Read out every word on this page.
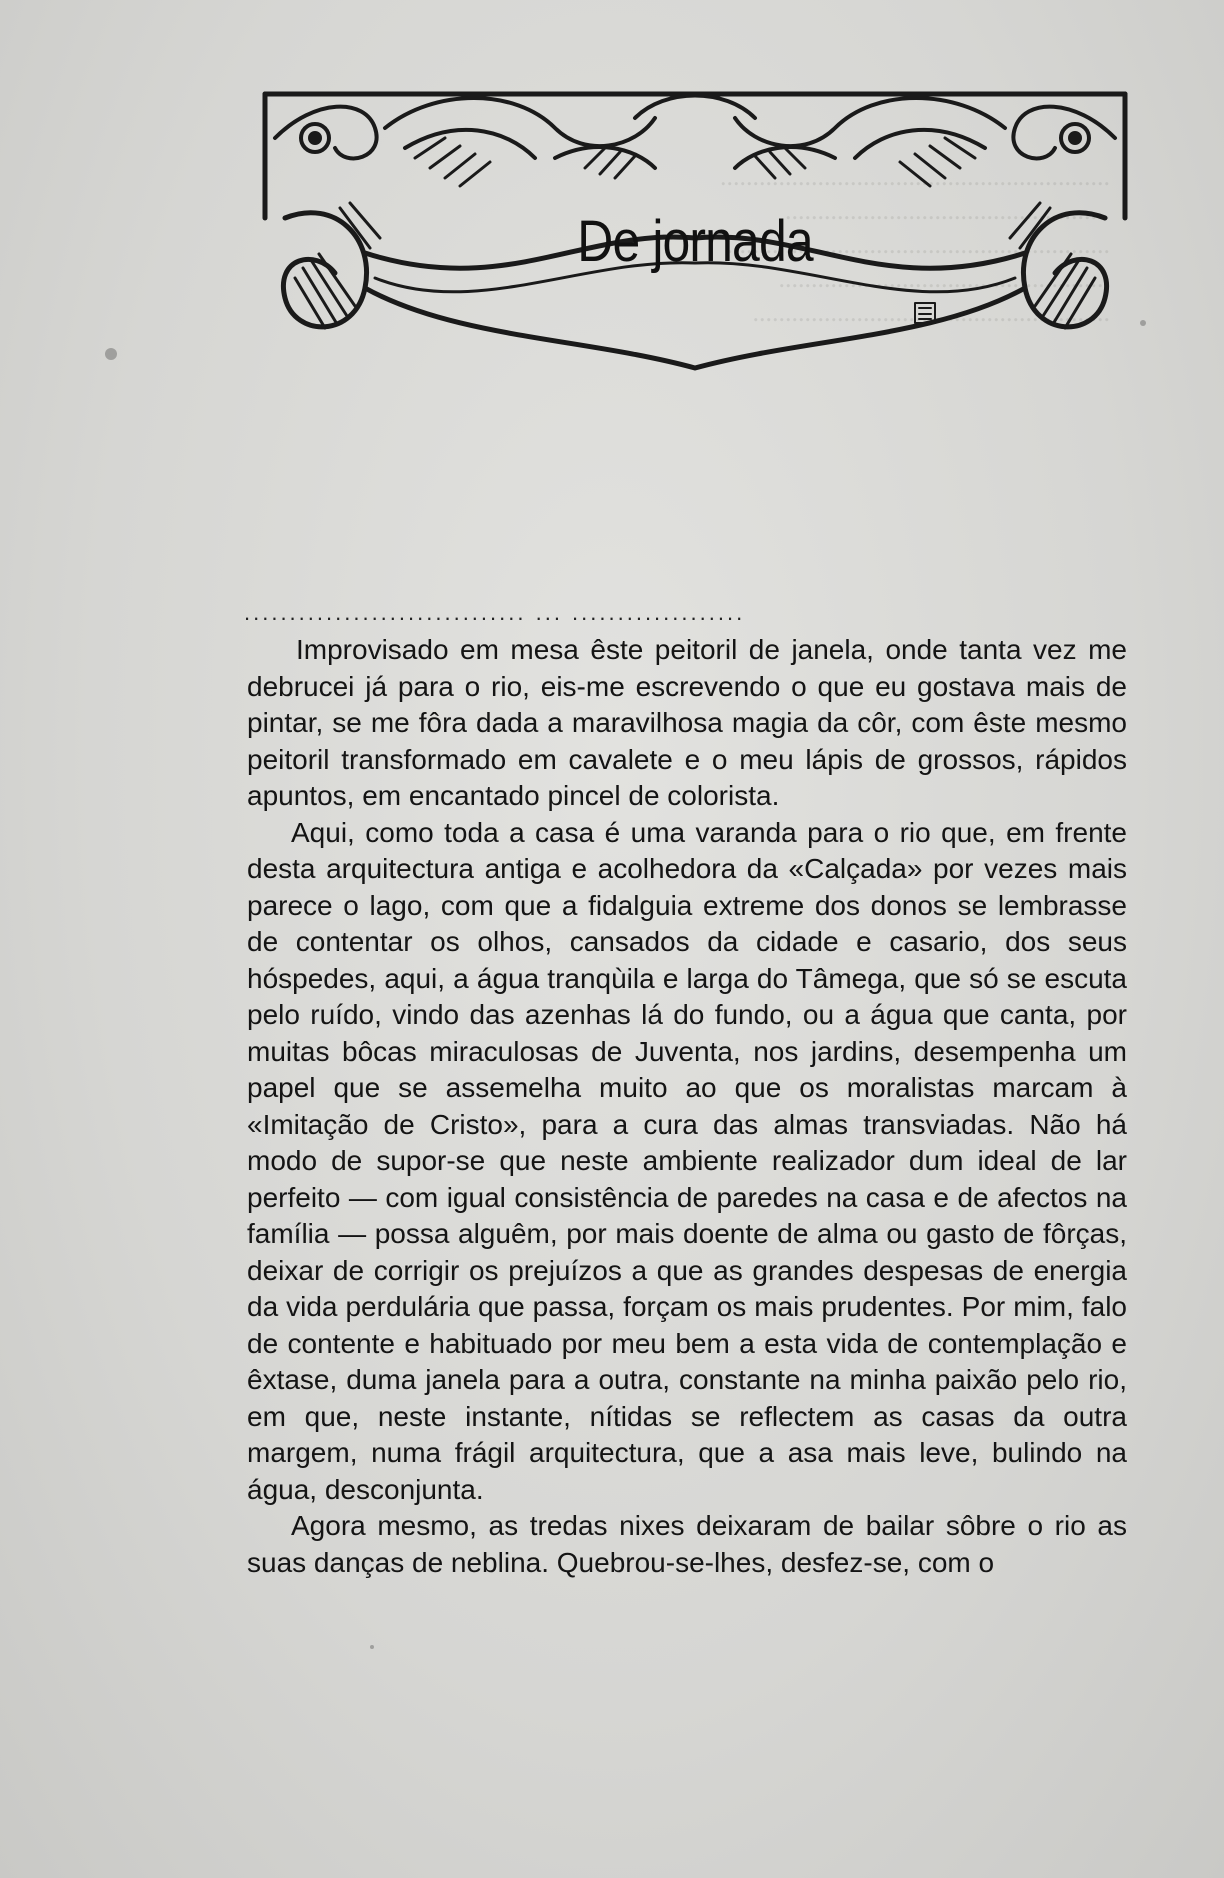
............................................................
..................................................
...........................................................
...................................................
.......................................................
De jornada
............................... ... ...................

Improvisado em mesa êste peitoril de janela, onde tanta vez me debrucei já para o rio, eis-me escrevendo o que eu gostava mais de pintar, se me fôra dada a maravilhosa magia da côr, com êste mesmo peitoril transformado em cavalete e o meu lápis de grossos, rápidos apuntos, em encantado pincel de colorista.

Aqui, como toda a casa é uma varanda para o rio que, em frente desta arquitectura antiga e acolhedora da «Calçada» por vezes mais parece o lago, com que a fidalguia extreme dos donos se lembrasse de contentar os olhos, cansados da cidade e casario, dos seus hóspedes, aqui, a água tranqùila e larga do Tâmega, que só se escuta pelo ruído, vindo das azenhas lá do fundo, ou a água que canta, por muitas bôcas miraculosas de Juventa, nos jardins, desempenha um papel que se assemelha muito ao que os moralistas marcam à «Imitação de Cristo», para a cura das almas transviadas. Não há modo de supor-se que neste ambiente realizador dum ideal de lar perfeito — com igual consistência de paredes na casa e de afectos na família — possa alguêm, por mais doente de alma ou gasto de fôrças, deixar de corrigir os prejuízos a que as grandes despesas de energia da vida perdulária que passa, forçam os mais prudentes. Por mim, falo de contente e habituado por meu bem a esta vida de contemplação e êxtase, duma janela para a outra, constante na minha paixão pelo rio, em que, neste instante, nítidas se reflectem as casas da outra margem, numa frágil arquitectura, que a asa mais leve, bulindo na água, desconjunta.

Agora mesmo, as tredas nixes deixaram de bailar sôbre o rio as suas danças de neblina. Quebrou-se-lhes, desfez-se, com o
